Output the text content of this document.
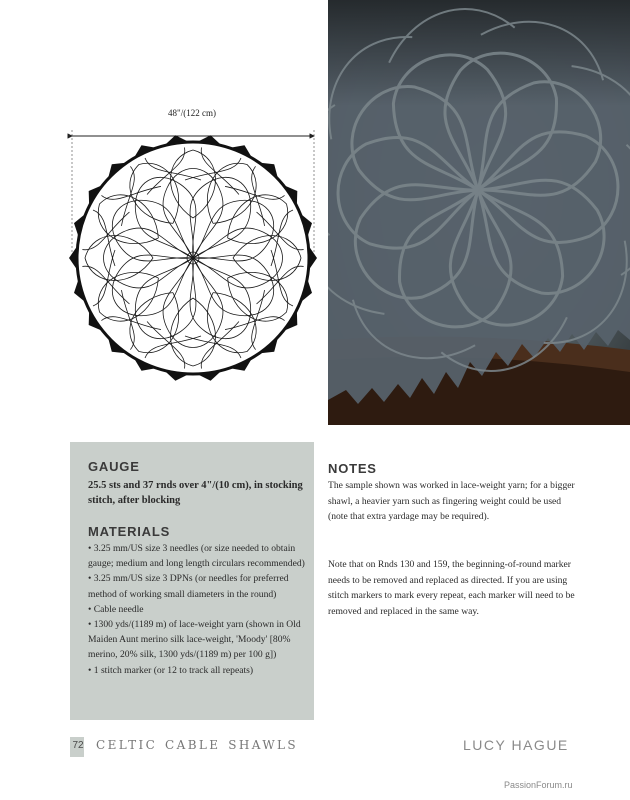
48"/(122 cm)
GAUGE
25.5 sts and 37 rnds over 4"/(10 cm), in stocking stitch, after blocking
MATERIALS
• 3.25 mm/US size 3 needles (or size needed to obtain gauge; medium and long length circulars recommended)
• 3.25 mm/US size 3 DPNs (or needles for preferred method of working small diameters in the round)
• Cable needle
• 1300 yds/(1189 m) of lace-weight yarn (shown in Old Maiden Aunt merino silk lace-weight, 'Moody' [80% merino, 20% silk, 1300 yds/(1189 m) per 100 g])
• 1 stitch marker (or 12 to track all repeats)
NOTES

The sample shown was worked in lace-weight yarn; for a bigger shawl, a heavier yarn such as fingering weight could be used (note that extra yardage may be required).

Note that on Rnds 130 and 159, the beginning-of-round marker needs to be removed and replaced as directed. If you are using stitch markers to mark every repeat, each marker will need to be removed and replaced in the same way.

72 celtic cable shawls	LUCY HAGUE
PassionForum.ru
